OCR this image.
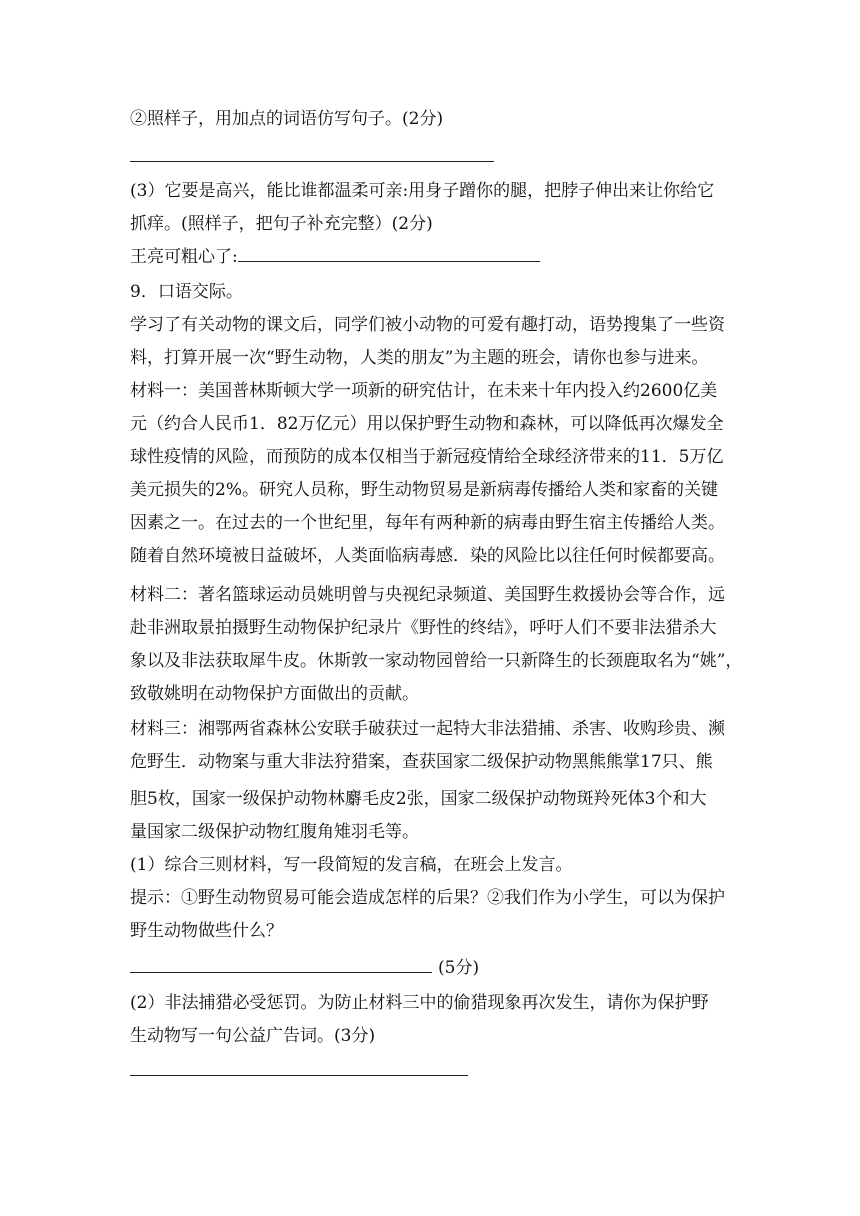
②照样子，用加点的词语仿写句子。(2分)
(3）它要是高兴，能比谁都温柔可亲:用身子蹭你的腿，把脖子伸出来让你给它
抓痒。(照样子，把句子补充完整）(2分)
王亮可粗心了:
9．口语交际。
学习了有关动物的课文后，同学们被小动物的可爱有趣打动，语势搜集了一些资
料，打算开展一次“野生动物，人类的朋友”为主题的班会，请你也参与进来。
材料一：美国普林斯顿大学一项新的研究估计，在未来十年内投入约2600亿美
元（约合人民币1．82万亿元）用以保护野生动物和森林，可以降低再次爆发全
球性疫情的风险，而预防的成本仅相当于新冠疫情给全球经济带来的11．5万亿
美元损失的2%。研究人员称，野生动物贸易是新病毒传播给人类和家畜的关键
因素之一。在过去的一个世纪里，每年有两种新的病毒由野生宿主传播给人类。
随着自然环境被日益破坏，人类面临病毒感．染的风险比以往任何时候都要高。
材料二：著名篮球运动员姚明曾与央视纪录频道、美国野生救援协会等合作，远
赴非洲取景拍摄野生动物保护纪录片《野性的终结》，呼吁人们不要非法猎杀大
象以及非法获取犀牛皮。休斯敦一家动物园曾给一只新降生的长颈鹿取名为“姚”，
致敬姚明在动物保护方面做出的贡献。
材料三：湘鄂两省森林公安联手破获过一起特大非法猎捕、杀害、收购珍贵、濒
危野生．动物案与重大非法狩猎案，查获国家二级保护动物黑熊熊掌17只、熊
胆5枚，国家一级保护动物林麝毛皮2张，国家二级保护动物斑羚死体3个和大
量国家二级保护动物红腹角雉羽毛等。
(1）综合三则材料，写一段简短的发言稿，在班会上发言。
提示：①野生动物贸易可能会造成怎样的后果？②我们作为小学生，可以为保护
野生动物做些什么？
(5分)
(2）非法捕猎必受惩罚。为防止材料三中的偷猎现象再次发生，请你为保护野
生动物写一句公益广告词。(3分)
